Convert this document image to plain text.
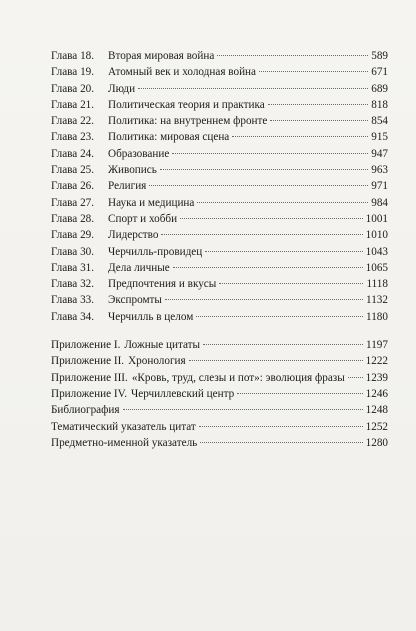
Глава 18.	Вторая мировая война	589
Глава 19.	Атомный век и холодная война	671
Глава 20.	Люди	689
Глава 21.	Политическая теория и практика	818
Глава 22.	Политика: на внутреннем фронте	854
Глава 23.	Политика: мировая сцена	915
Глава 24.	Образование	947
Глава 25.	Живопись	963
Глава 26.	Религия	971
Глава 27.	Наука и медицина	984
Глава 28.	Спорт и хобби	1001
Глава 29.	Лидерство	1010
Глава 30.	Черчилль-провидец	1043
Глава 31.	Дела личные	1065
Глава 32.	Предпочтения и вкусы	1118
Глава 33.	Экспромты	1132
Глава 34.	Черчилль в целом	1180
Приложение I. Ложные цитаты	1197
Приложение II. Хронология	1222
Приложение III. «Кровь, труд, слезы и пот»: эволюция фразы 1239
Приложение IV. Черчиллевский центр	1246
Библиография	1248
Тематический указатель цитат	1252
Предметно-именной указатель	1280
